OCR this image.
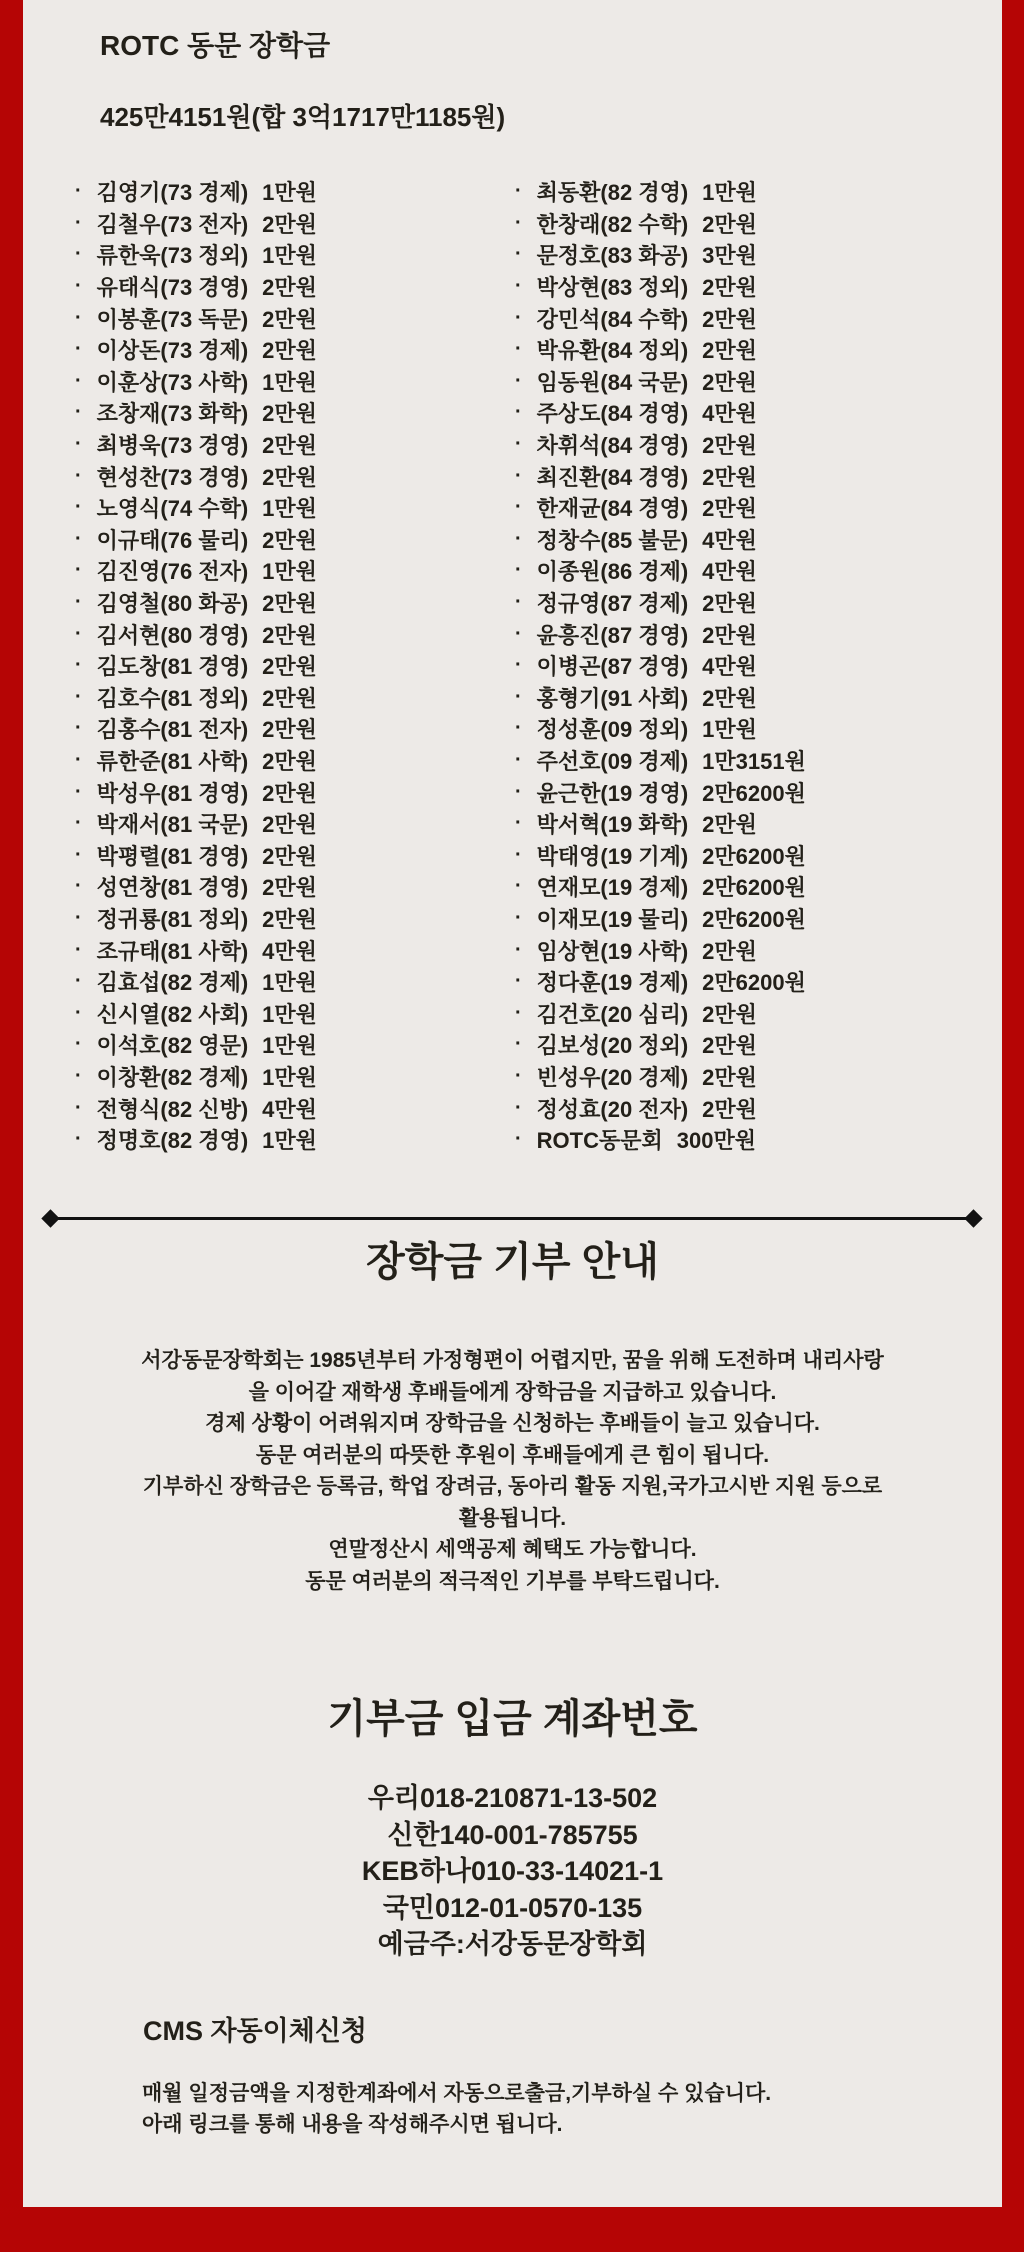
ROTC 동문 장학금
425만4151원(합 3억1717만1185원)
· 김영기(73 경제) 1만원
· 김철우(73 전자) 2만원
· 류한욱(73 정외) 1만원
· 유태식(73 경영) 2만원
· 이봉훈(73 독문) 2만원
· 이상돈(73 경제) 2만원
· 이훈상(73 사학) 1만원
· 조창재(73 화학) 2만원
· 최병욱(73 경영) 2만원
· 현성찬(73 경영) 2만원
· 노영식(74 수학) 1만원
· 이규태(76 물리) 2만원
· 김진영(76 전자) 1만원
· 김영철(80 화공) 2만원
· 김서현(80 경영) 2만원
· 김도창(81 경영) 2만원
· 김호수(81 정외) 2만원
· 김홍수(81 전자) 2만원
· 류한준(81 사학) 2만원
· 박성우(81 경영) 2만원
· 박재서(81 국문) 2만원
· 박평렬(81 경영) 2만원
· 성연창(81 경영) 2만원
· 정귀룡(81 정외) 2만원
· 조규태(81 사학) 4만원
· 김효섭(82 경제) 1만원
· 신시열(82 사회) 1만원
· 이석호(82 영문) 1만원
· 이창환(82 경제) 1만원
· 전형식(82 신방) 4만원
· 정명호(82 경영) 1만원
· 최동환(82 경영) 1만원
· 한창래(82 수학) 2만원
· 문정호(83 화공) 3만원
· 박상현(83 정외) 2만원
· 강민석(84 수학) 2만원
· 박유환(84 정외) 2만원
· 임동원(84 국문) 2만원
· 주상도(84 경영) 4만원
· 차휘석(84 경영) 2만원
· 최진환(84 경영) 2만원
· 한재균(84 경영) 2만원
· 정창수(85 불문) 4만원
· 이종원(86 경제) 4만원
· 정규영(87 경제) 2만원
· 윤흥진(87 경영) 2만원
· 이병곤(87 경영) 4만원
· 홍형기(91 사회) 2만원
· 정성훈(09 정외) 1만원
· 주선호(09 경제) 1만3151원
· 윤근한(19 경영) 2만6200원
· 박서혁(19 화학) 2만원
· 박태영(19 기계) 2만6200원
· 연재모(19 경제) 2만6200원
· 이재모(19 물리) 2만6200원
· 임상현(19 사학) 2만원
· 정다훈(19 경제) 2만6200원
· 김건호(20 심리) 2만원
· 김보성(20 정외) 2만원
· 빈성우(20 경제) 2만원
· 정성효(20 전자) 2만원
· ROTC동문회 300만원
장학금 기부 안내
서강동문장학회는 1985년부터 가정형편이 어렵지만, 꿈을 위해 도전하며 내리사랑
을 이어갈 재학생 후배들에게 장학금을 지급하고 있습니다.
경제 상황이 어려워지며 장학금을 신청하는 후배들이 늘고 있습니다.
동문 여러분의 따뜻한 후원이 후배들에게 큰 힘이 됩니다.
기부하신 장학금은 등록금, 학업 장려금, 동아리 활동 지원,국가고시반 지원 등으로
활용됩니다.
연말정산시 세액공제 혜택도 가능합니다.
동문 여러분의 적극적인 기부를 부탁드립니다.
기부금 입금 계좌번호
우리018-210871-13-502
신한140-001-785755
KEB하나010-33-14021-1
국민012-01-0570-135
예금주:서강동문장학회
CMS 자동이체신청
매월 일정금액을 지정한계좌에서 자동으로출금,기부하실 수 있습니다.
아래 링크를 통해 내용을 작성해주시면 됩니다.
